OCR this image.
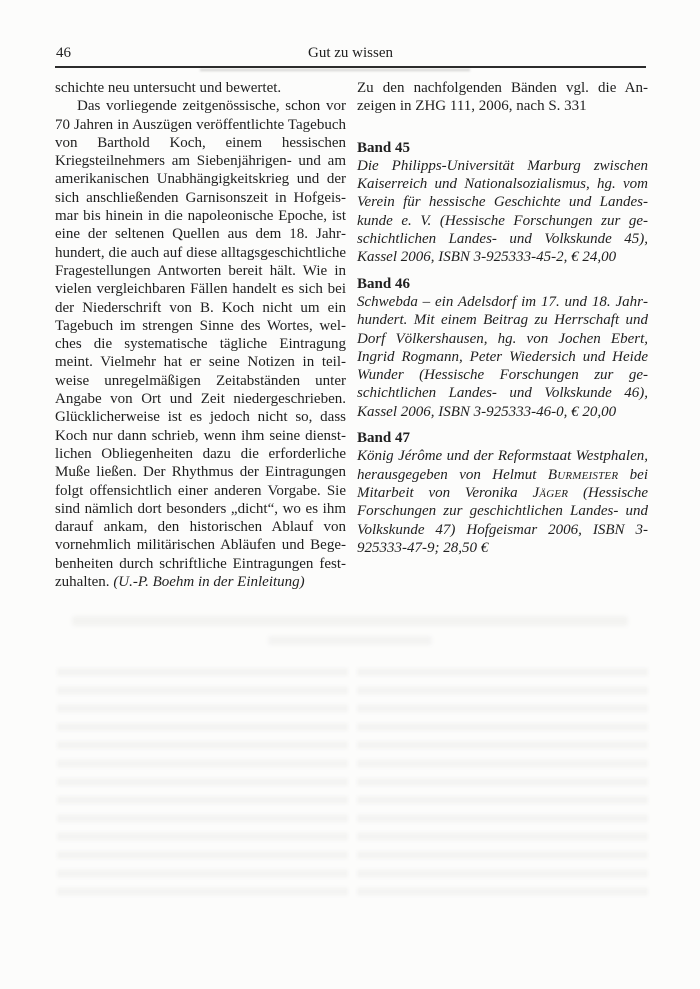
46	Gut zu wissen

schichte neu untersucht und bewertet.

Das vorliegende zeitgenössische, schon vor 70 Jahren in Auszügen veröffentlichte Tagebuch von Barthold Koch, einem hessischen Kriegsteilnehmers am Siebenjährigen- und am amerikanischen Unabhängigkeitskrieg und der sich anschließenden Garnisonszeit in Hofgeismar bis hinein in die napoleonische Epoche, ist eine der seltenen Quellen aus dem 18. Jahrhundert, die auch auf diese alltagsgeschichtliche Fragestellungen Antworten bereit hält. Wie in vielen vergleichbaren Fällen handelt es sich bei der Niederschrift von B. Koch nicht um ein Tagebuch im strengen Sinne des Wortes, welches die systematische tägliche Eintragung meint. Vielmehr hat er seine Notizen in teilweise unregelmäßigen Zeitabständen unter Angabe von Ort und Zeit niedergeschrieben. Glücklicherweise ist es jedoch nicht so, dass Koch nur dann schrieb, wenn ihm seine dienstlichen Obliegenheiten dazu die erforderliche Muße ließen. Der Rhythmus der Eintragungen folgt offensichtlich einer anderen Vorgabe. Sie sind nämlich dort besonders „dicht“, wo es ihm darauf ankam, den historischen Ablauf von vornehmlich militärischen Abläufen und Begebenheiten durch schriftliche Eintragungen festzuhalten. (U.-P. Boehm in der Einleitung)

Zu den nachfolgenden Bänden vgl. die Anzeigen in ZHG 111, 2006, nach S. 331

Band 45

Die Philipps-Universität Marburg zwischen Kaiserreich und Nationalsozialismus, hg. vom Verein für hessische Geschichte und Landeskunde e. V. (Hessische Forschungen zur geschichtlichen Landes- und Volkskunde 45), Kassel 2006, ISBN 3-925333-45-2, € 24,00

Band 46

Schwebda – ein Adelsdorf im 17. und 18. Jahrhundert. Mit einem Beitrag zu Herrschaft und Dorf Völkershausen, hg. von Jochen Ebert, Ingrid Rogmann, Peter Wiedersich und Heide Wunder (Hessische Forschungen zur geschichtlichen Landes- und Volkskunde 46), Kassel 2006, ISBN 3-925333-46-0, € 20,00

Band 47

König Jérôme und der Reformstaat Westphalen, herausgegeben von Helmut Burmeister bei Mitarbeit von Veronika Jäger (Hessische Forschungen zur geschichtlichen Landes- und Volkskunde 47) Hofgeismar 2006, ISBN 3-925333-47-9; 28,50 €
